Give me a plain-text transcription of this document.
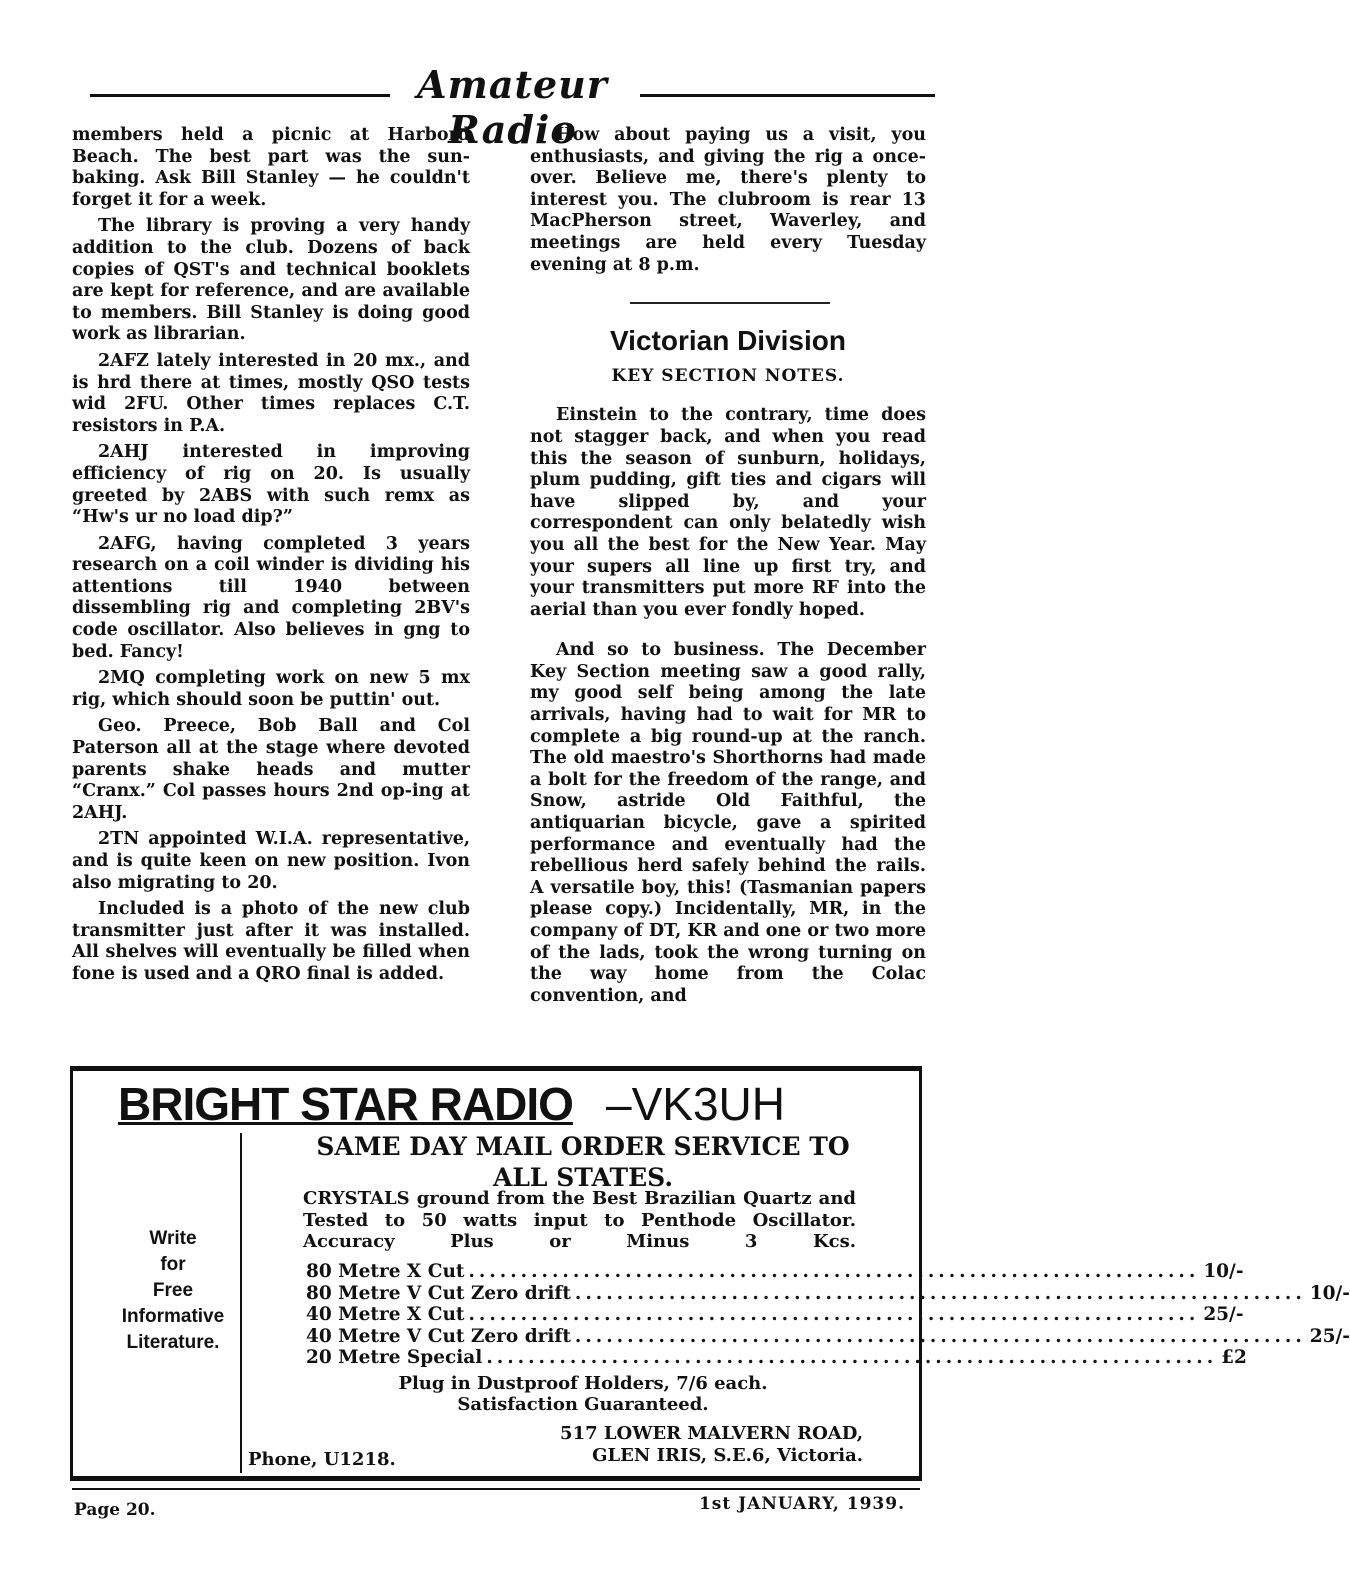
Amateur Radio

members held a picnic at Harbord Beach. The best part was the sun-baking. Ask Bill Stanley — he couldn't forget it for a week.

The library is proving a very handy addition to the club. Dozens of back copies of QST's and technical booklets are kept for reference, and are available to members. Bill Stanley is doing good work as librarian.

2AFZ lately interested in 20 mx., and is hrd there at times, mostly QSO tests wid 2FU. Other times replaces C.T. resistors in P.A.

2AHJ interested in improving efficiency of rig on 20. Is usually greeted by 2ABS with such remx as “Hw's ur no load dip?”

2AFG, having completed 3 years research on a coil winder is dividing his attentions till 1940 between dissembling rig and completing 2BV's code oscillator. Also believes in gng to bed. Fancy!

2MQ completing work on new 5 mx rig, which should soon be puttin' out.

Geo. Preece, Bob Ball and Col Paterson all at the stage where devoted parents shake heads and mutter “Cranx.” Col passes hours 2nd op-ing at 2AHJ.

2TN appointed W.I.A. representative, and is quite keen on new position. Ivon also migrating to 20.

Included is a photo of the new club transmitter just after it was installed. All shelves will eventually be filled when fone is used and a QRO final is added.

How about paying us a visit, you enthusiasts, and giving the rig a once-over. Believe me, there's plenty to interest you. The clubroom is rear 13 MacPherson street, Waverley, and meetings are held every Tuesday evening at 8 p.m.

Victorian Division
KEY SECTION NOTES.

Einstein to the contrary, time does not stagger back, and when you read this the season of sunburn, holidays, plum pudding, gift ties and cigars will have slipped by, and your correspondent can only belatedly wish you all the best for the New Year. May your supers all line up first try, and your transmitters put more RF into the aerial than you ever fondly hoped.

And so to business. The December Key Section meeting saw a good rally, my good self being among the late arrivals, having had to wait for MR to complete a big round-up at the ranch. The old maestro's Shorthorns had made a bolt for the freedom of the range, and Snow, astride Old Faithful, the antiquarian bicycle, gave a spirited performance and eventually had the rebellious herd safely behind the rails. A versatile boy, this! (Tasmanian papers please copy.) Incidentally, MR, in the company of DT, KR and one or two more of the lads, took the wrong turning on the way home from the Colac convention, and

BRIGHT STAR RADIO –VK3UH
Write
for
Free
Informative
Literature.
SAME DAY MAIL ORDER SERVICE TO ALL STATES.
CRYSTALS ground from the Best Brazilian Quartz and Tested to 50 watts input to Penthode Oscillator. Accuracy Plus or Minus 3 Kcs.
80 Metre X Cut ...................................................................... 10/-
80 Metre V Cut Zero drift ...................................................................... 10/-
40 Metre X Cut ...................................................................... 25/-
40 Metre V Cut Zero drift ...................................................................... 25/-
20 Metre Special ...................................................................... £2
Plug in Dustproof Holders, 7/6 each.
Satisfaction Guaranteed.
517 LOWER MALVERN ROAD,
GLEN IRIS, S.E.6, Victoria.
Phone, U1218.
Page 20.	1st JANUARY, 1939.
